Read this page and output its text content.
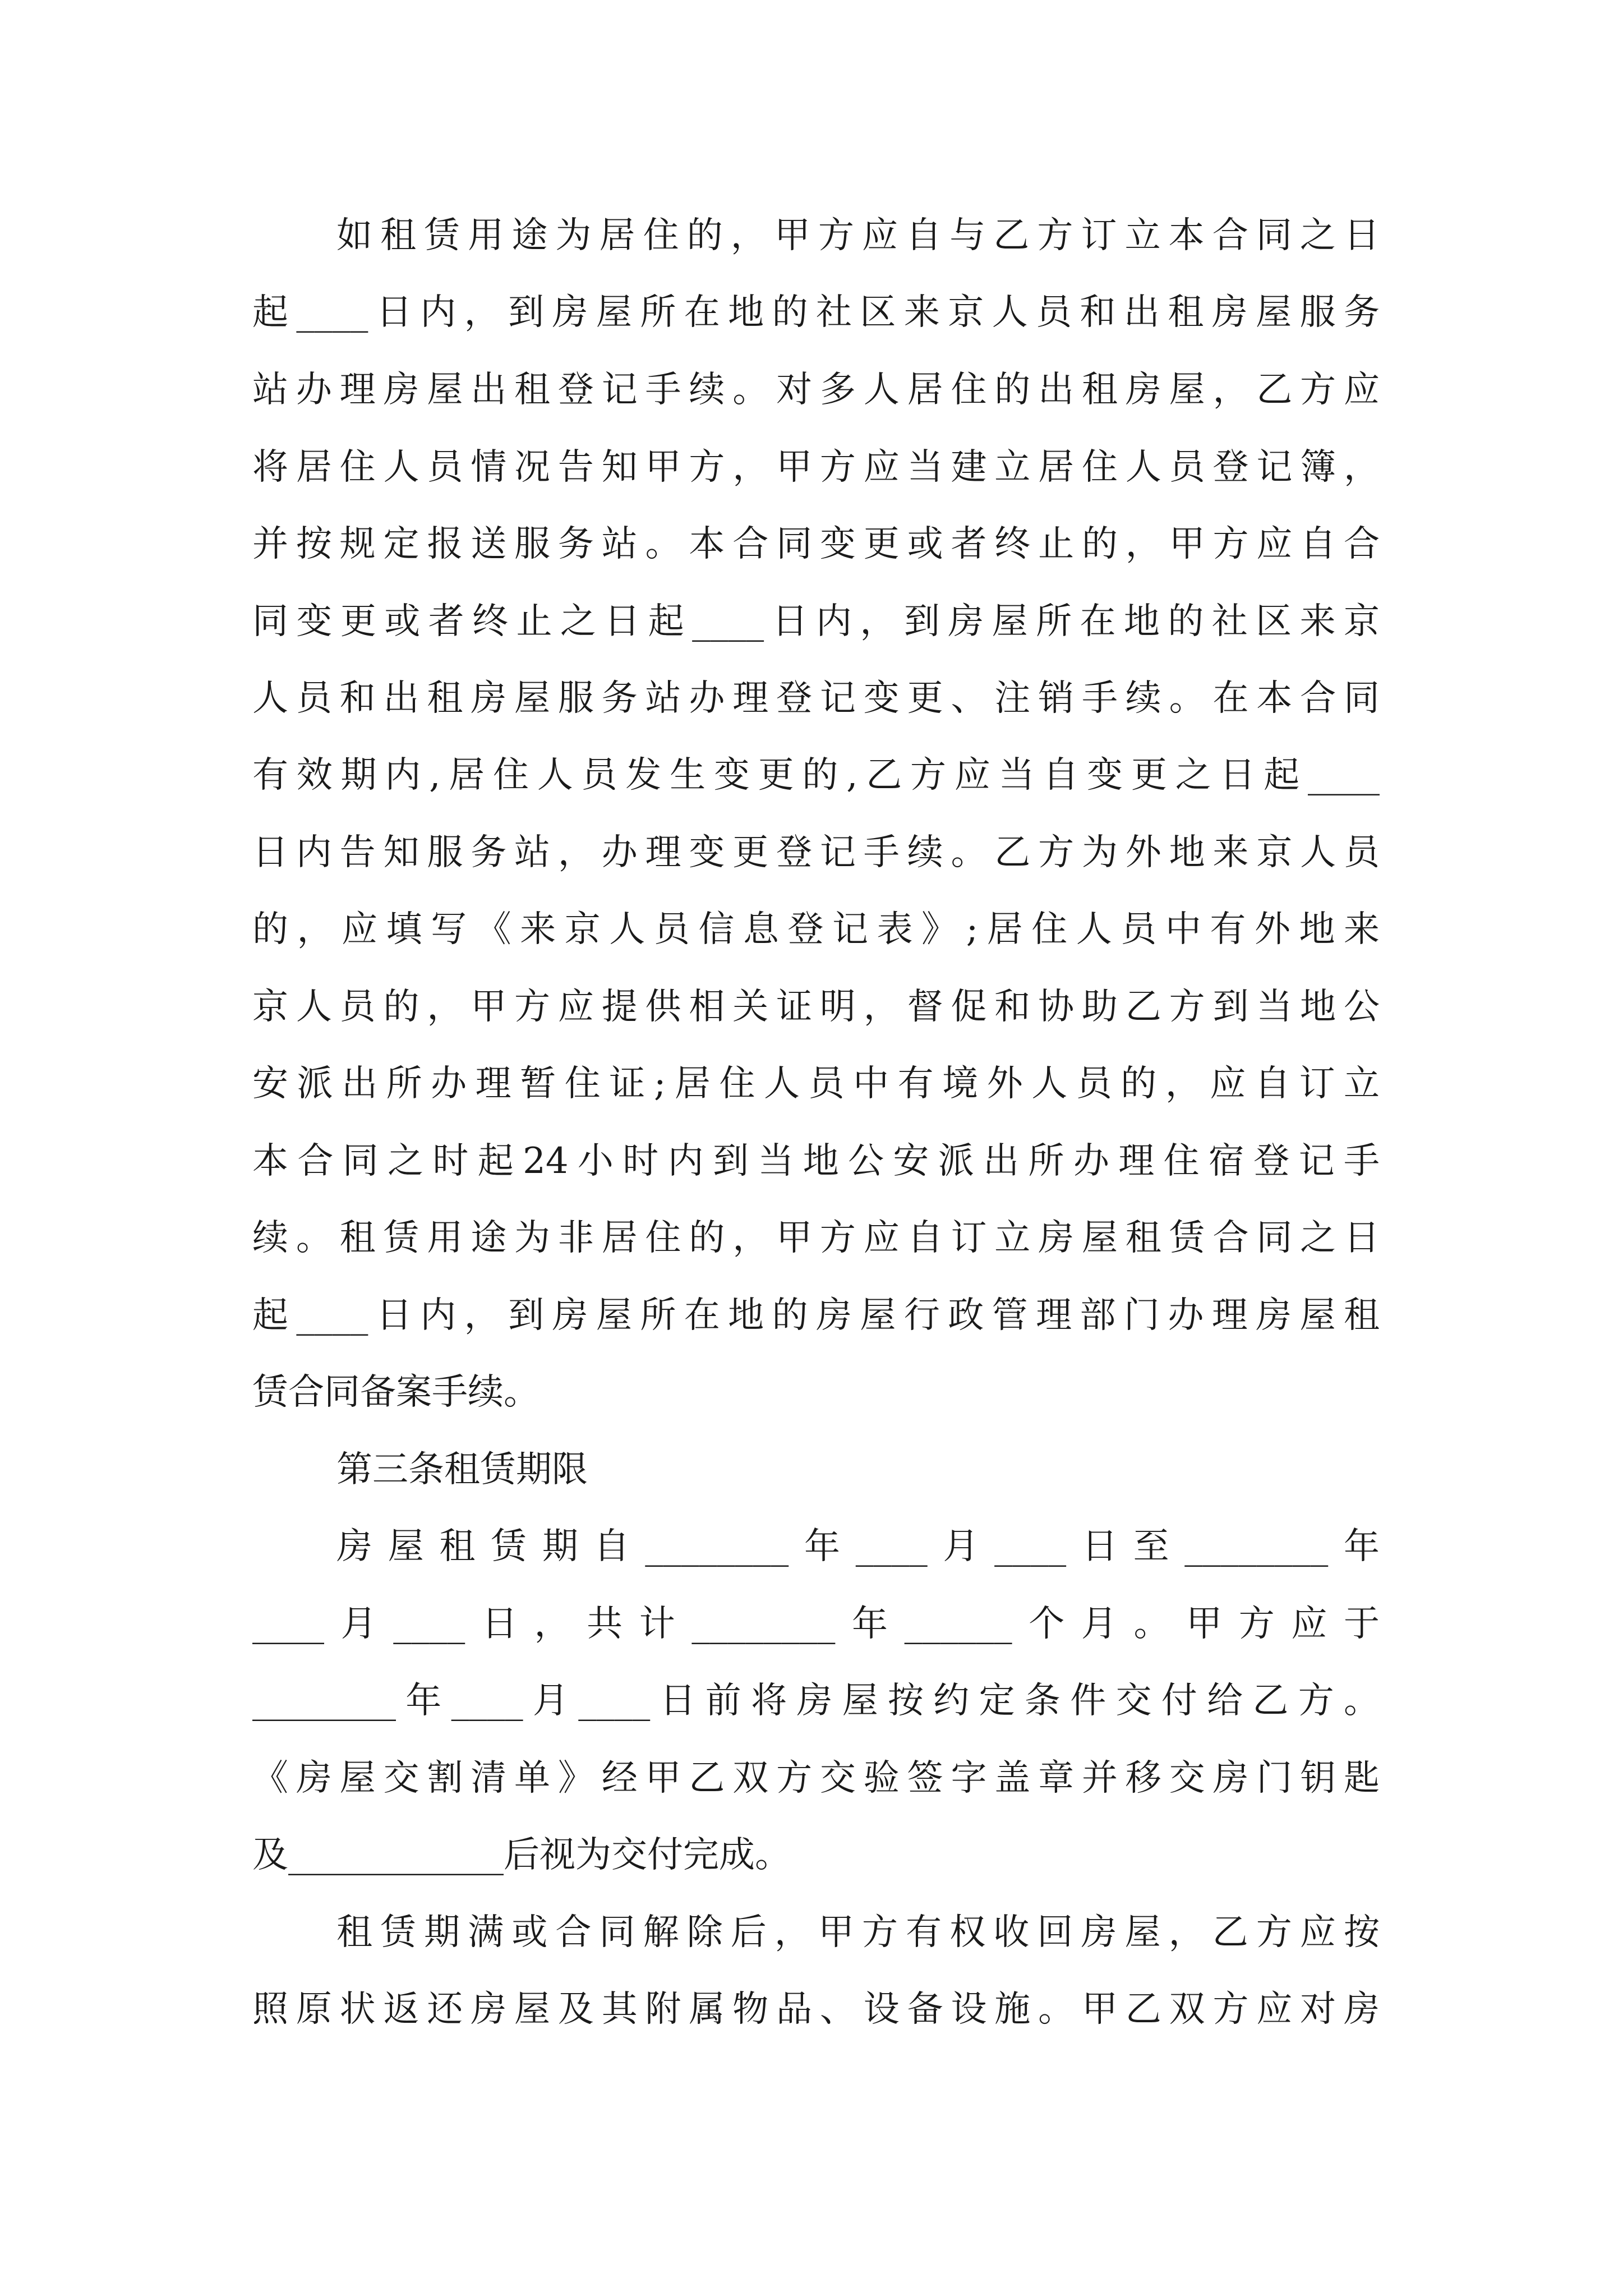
如租赁用途为居住的，甲方应自与乙方订立本合同之日
起____日内，到房屋所在地的社区来京人员和出租房屋服务
站办理房屋出租登记手续。对多人居住的出租房屋，乙方应
将居住人员情况告知甲方，甲方应当建立居住人员登记簿，
并按规定报送服务站。本合同变更或者终止的，甲方应自合
同变更或者终止之日起____日内，到房屋所在地的社区来京
人员和出租房屋服务站办理登记变更、注销手续。在本合同
有效期内,居住人员发生变更的,乙方应当自变更之日起____
日内告知服务站，办理变更登记手续。乙方为外地来京人员
的，应填写《来京人员信息登记表》;居住人员中有外地来
京人员的，甲方应提供相关证明，督促和协助乙方到当地公
安派出所办理暂住证;居住人员中有境外人员的，应自订立
本合同之时起24小时内到当地公安派出所办理住宿登记手
续。租赁用途为非居住的，甲方应自订立房屋租赁合同之日
起____日内，到房屋所在地的房屋行政管理部门办理房屋租
赁合同备案手续。
第三条租赁期限
房屋租赁期自________年____月____日至________年
____月____日，共计________年______个月。甲方应于
________年____月____日前将房屋按约定条件交付给乙方。
《房屋交割清单》经甲乙双方交验签字盖章并移交房门钥匙
及____________后视为交付完成。
租赁期满或合同解除后，甲方有权收回房屋，乙方应按
照原状返还房屋及其附属物品、设备设施。甲乙双方应对房
